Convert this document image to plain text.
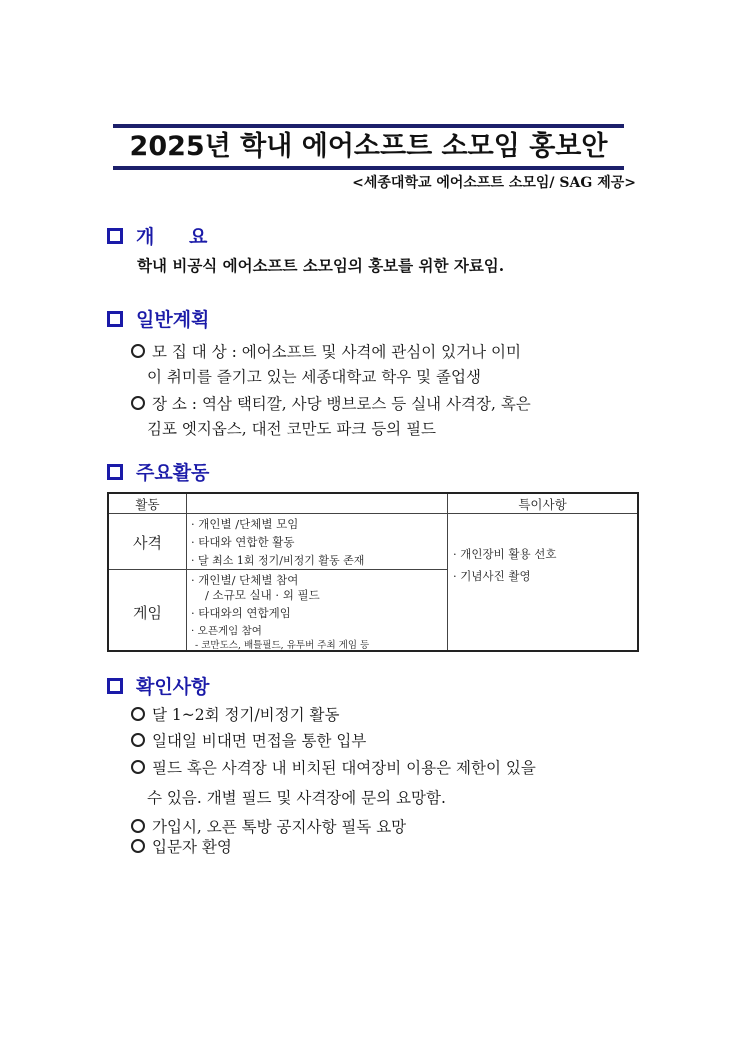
2025년 학내 에어소프트 소모임 홍보안
<세종대학교 에어소프트 소모임/ SAG 제공>
개 요
학내 비공식 에어소프트 소모임의 홍보를 위한 자료임.
일반계획
모 집 대 상 : 에어소프트 및 사격에 관심이 있거나 이미
이 취미를 즐기고 있는 세종대학교 학우 및 졸업생
장 소 : 역삼 택티깔, 사당 뱅브로스 등 실내 사격장, 혹은
김포 엣지옵스, 대전 코만도 파크 등의 필드
주요활동
활동	특이사항
사격
· 개인별 /단체별 모임
· 타대와 연합한 활동
· 달 최소 1회 정기/비정기 활동 존재
게임
· 개인별/ 단체별 참여
/ 소규모 실내 · 외 필드
· 타대와의 연합게임
· 오픈게임 참여
- 코만도스, 배틀필드, 유투버 주최 게임 등
· 개인장비 활용 선호
· 기념사진 촬영
확인사항
달 1~2회 정기/비정기 활동
일대일 비대면 면접을 통한 입부
필드 혹은 사격장 내 비치된 대여장비 이용은 제한이 있을
수 있음. 개별 필드 및 사격장에 문의 요망함.
가입시, 오픈 톡방 공지사항 필독 요망
입문자 환영
